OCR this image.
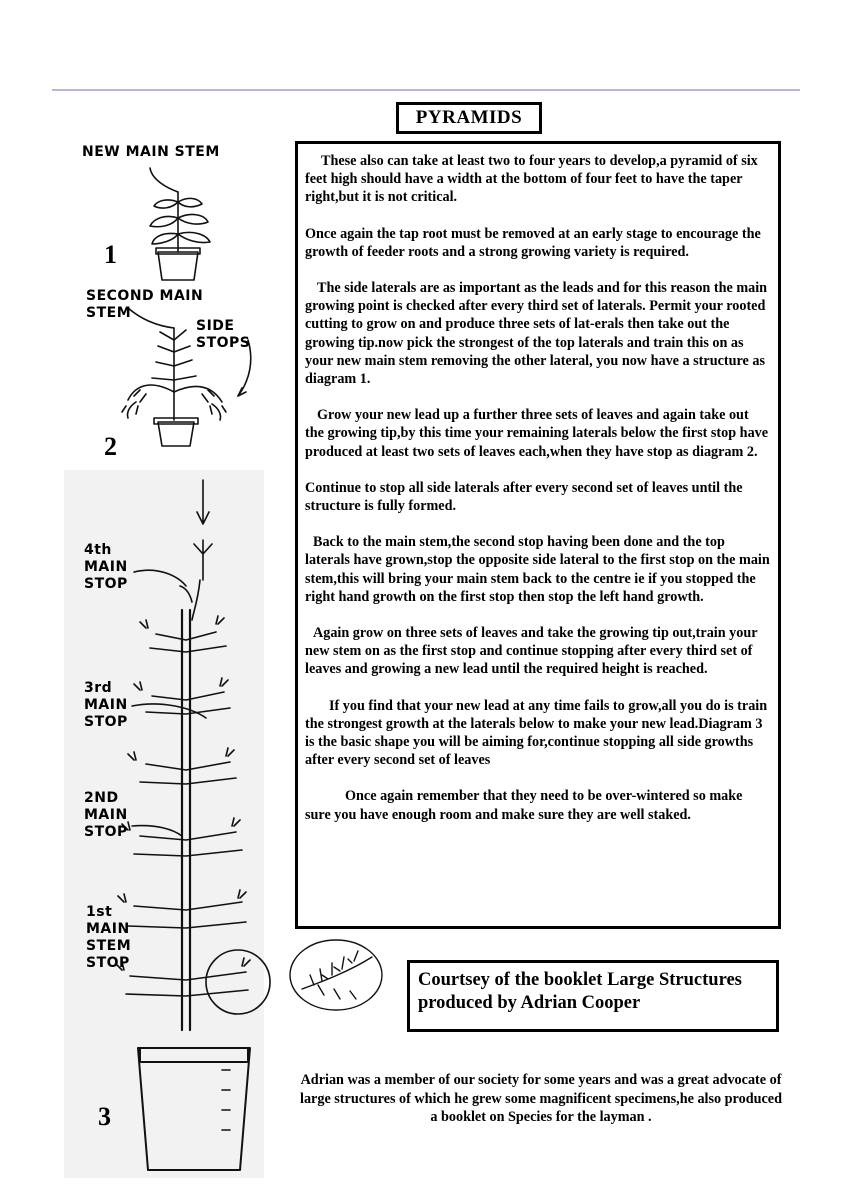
PYRAMIDS
NEW MAIN STEM
SECOND MAIN
STEM
SIDE
STOPS
4th
MAIN
STOP
3rd
MAIN
STOP
2ND
MAIN
STOP
1st
MAIN
STEM
STOP
1
2
3

These also can take at least two to four years to develop,a pyramid of six feet high should have a width at the bottom of four feet to have the taper right,but it is not critical.

Once again the tap root must be removed at an early stage to encourage the growth of feeder roots and a strong growing variety is required.

The side laterals are as important as the leads and for this reason the main growing point is checked after every third set of laterals. Permit your rooted cutting to grow on and produce three sets of lat-erals then take out the growing tip.now pick the strongest of the top laterals and train this on as your new main stem removing the other lateral, you now have a structure as diagram 1.

Grow your new lead up a further three sets of leaves and again take out the growing tip,by this time your remaining laterals below the first stop have produced at least two sets of leaves each,when they have stop as diagram 2.

Continue to stop all side laterals after every second set of leaves until the structure is fully formed.

Back to the main stem,the second stop having been done and the top laterals have grown,stop the opposite side lateral to the first stop on the main stem,this will bring your main stem back to the centre ie if you stopped the right hand growth on the first stop then stop the left hand growth.

Again grow on three sets of leaves and take the growing tip out,train your new stem on as the first stop and continue stopping after every third set of leaves and growing a new lead until the required height is reached.

If you find that your new lead at any time fails to grow,all you do is train the strongest growth at the laterals below to make your new lead.Diagram 3 is the basic shape you will be aiming for,continue stopping all side growths after every second set of leaves

Once again remember that they need to be over-wintered so make sure you have enough room and make sure they are well staked.

Courtsey of the booklet Large Structures produced by Adrian Cooper
Adrian was a member of our society for some years and was a great advocate of large structures of which he grew some magnificent specimens,he also produced a booklet on Species for the layman .
